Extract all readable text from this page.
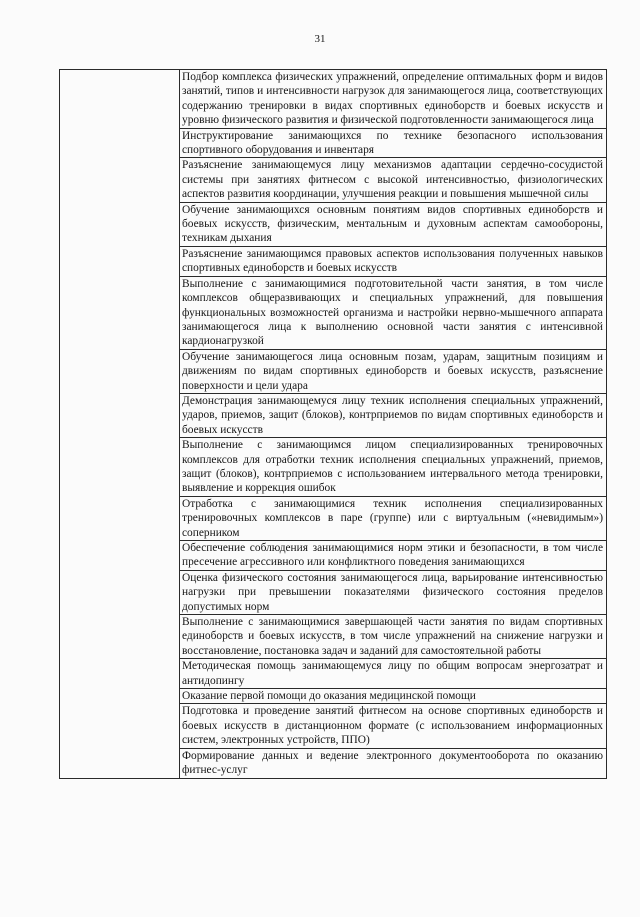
31
	Подбор комплекса физических упражнений, определение оптимальных форм и видов занятий, типов и интенсивности нагрузок для занимающегося лица, соответствующих содержанию тренировки в видах спортивных единоборств и боевых искусств и уровню физического развития и физической подготовленности занимающегося лица
Инструктирование занимающихся по технике безопасного использования спортивного оборудования и инвентаря
Разъяснение занимающемуся лицу механизмов адаптации сердечно-сосудистой системы при занятиях фитнесом с высокой интенсивностью, физиологических аспектов развития координации, улучшения реакции и повышения мышечной силы
Обучение занимающихся основным понятиям видов спортивных единоборств и боевых искусств, физическим, ментальным и духовным аспектам самообороны, техникам дыхания
Разъяснение занимающимся правовых аспектов использования полученных навыков спортивных единоборств и боевых искусств
Выполнение с занимающимися подготовительной части занятия, в том числе комплексов общеразвивающих и специальных упражнений, для повышения функциональных возможностей организма и настройки нервно-мышечного аппарата занимающегося лица к выполнению основной части занятия с интенсивной кардионагрузкой
Обучение занимающегося лица основным позам, ударам, защитным позициям и движениям по видам спортивных единоборств и боевых искусств, разъяснение поверхности и цели удара
Демонстрация занимающемуся лицу техник исполнения специальных упражнений, ударов, приемов, защит (блоков), контрприемов по видам спортивных единоборств и боевых искусств
Выполнение с занимающимся лицом специализированных тренировочных комплексов для отработки техник исполнения специальных упражнений, приемов, защит (блоков), контрприемов с использованием интервального метода тренировки, выявление и коррекция ошибок
Отработка с занимающимися техник исполнения специализированных тренировочных комплексов в паре (группе) или с виртуальным («невидимым») соперником
Обеспечение соблюдения занимающимися норм этики и безопасности, в том числе пресечение агрессивного или конфликтного поведения занимающихся
Оценка физического состояния занимающегося лица, варьирование интенсивностью нагрузки при превышении показателями физического состояния пределов допустимых норм
Выполнение с занимающимися завершающей части занятия по видам спортивных единоборств и боевых искусств, в том числе упражнений на снижение нагрузки и восстановление, постановка задач и заданий для самостоятельной работы
Методическая помощь занимающемуся лицу по общим вопросам энергозатрат и антидопингу
Оказание первой помощи до оказания медицинской помощи
Подготовка и проведение занятий фитнесом на основе спортивных единоборств и боевых искусств в дистанционном формате (с использованием информационных систем, электронных устройств, ППО)
Формирование данных и ведение электронного документооборота по оказанию фитнес-услуг
